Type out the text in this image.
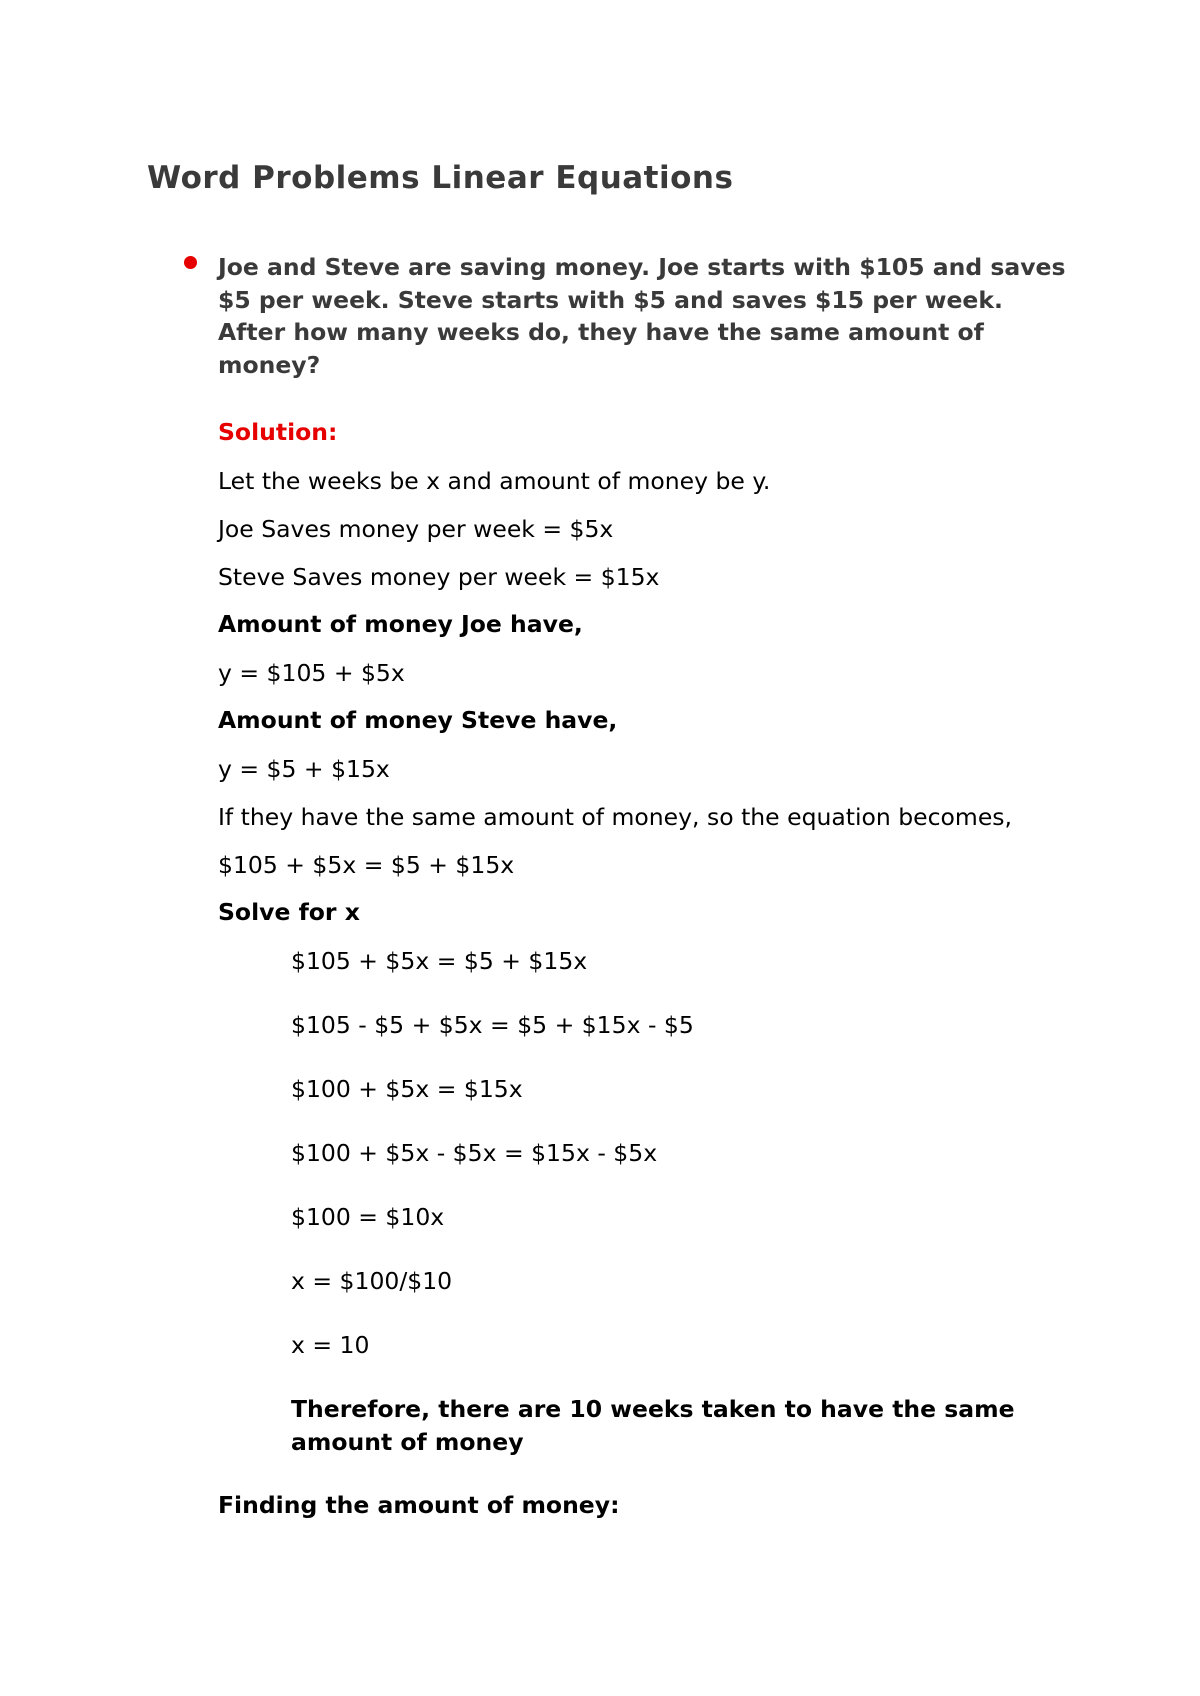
Word Problems Linear Equations
Joe and Steve are saving money. Joe starts with $105 and saves $5 per week. Steve starts with $5 and saves $15 per week. After how many weeks do, they have the same amount of money?
Solution:
Let the weeks be x and amount of money be y.
Joe Saves money per week = $5x
Steve Saves money per week = $15x
Amount of money Joe have,
y = $105 + $5x
Amount of money Steve have,
y = $5 + $15x
If they have the same amount of money, so the equation becomes,
$105 + $5x = $5 + $15x
Solve for x
$105 + $5x = $5 + $15x
$105 - $5 + $5x = $5 + $15x - $5
$100 + $5x = $15x
$100 + $5x - $5x = $15x - $5x
$100 = $10x
x = $100/$10
x = 10
Therefore, there are 10 weeks taken to have the same amount of money
Finding the amount of money:
